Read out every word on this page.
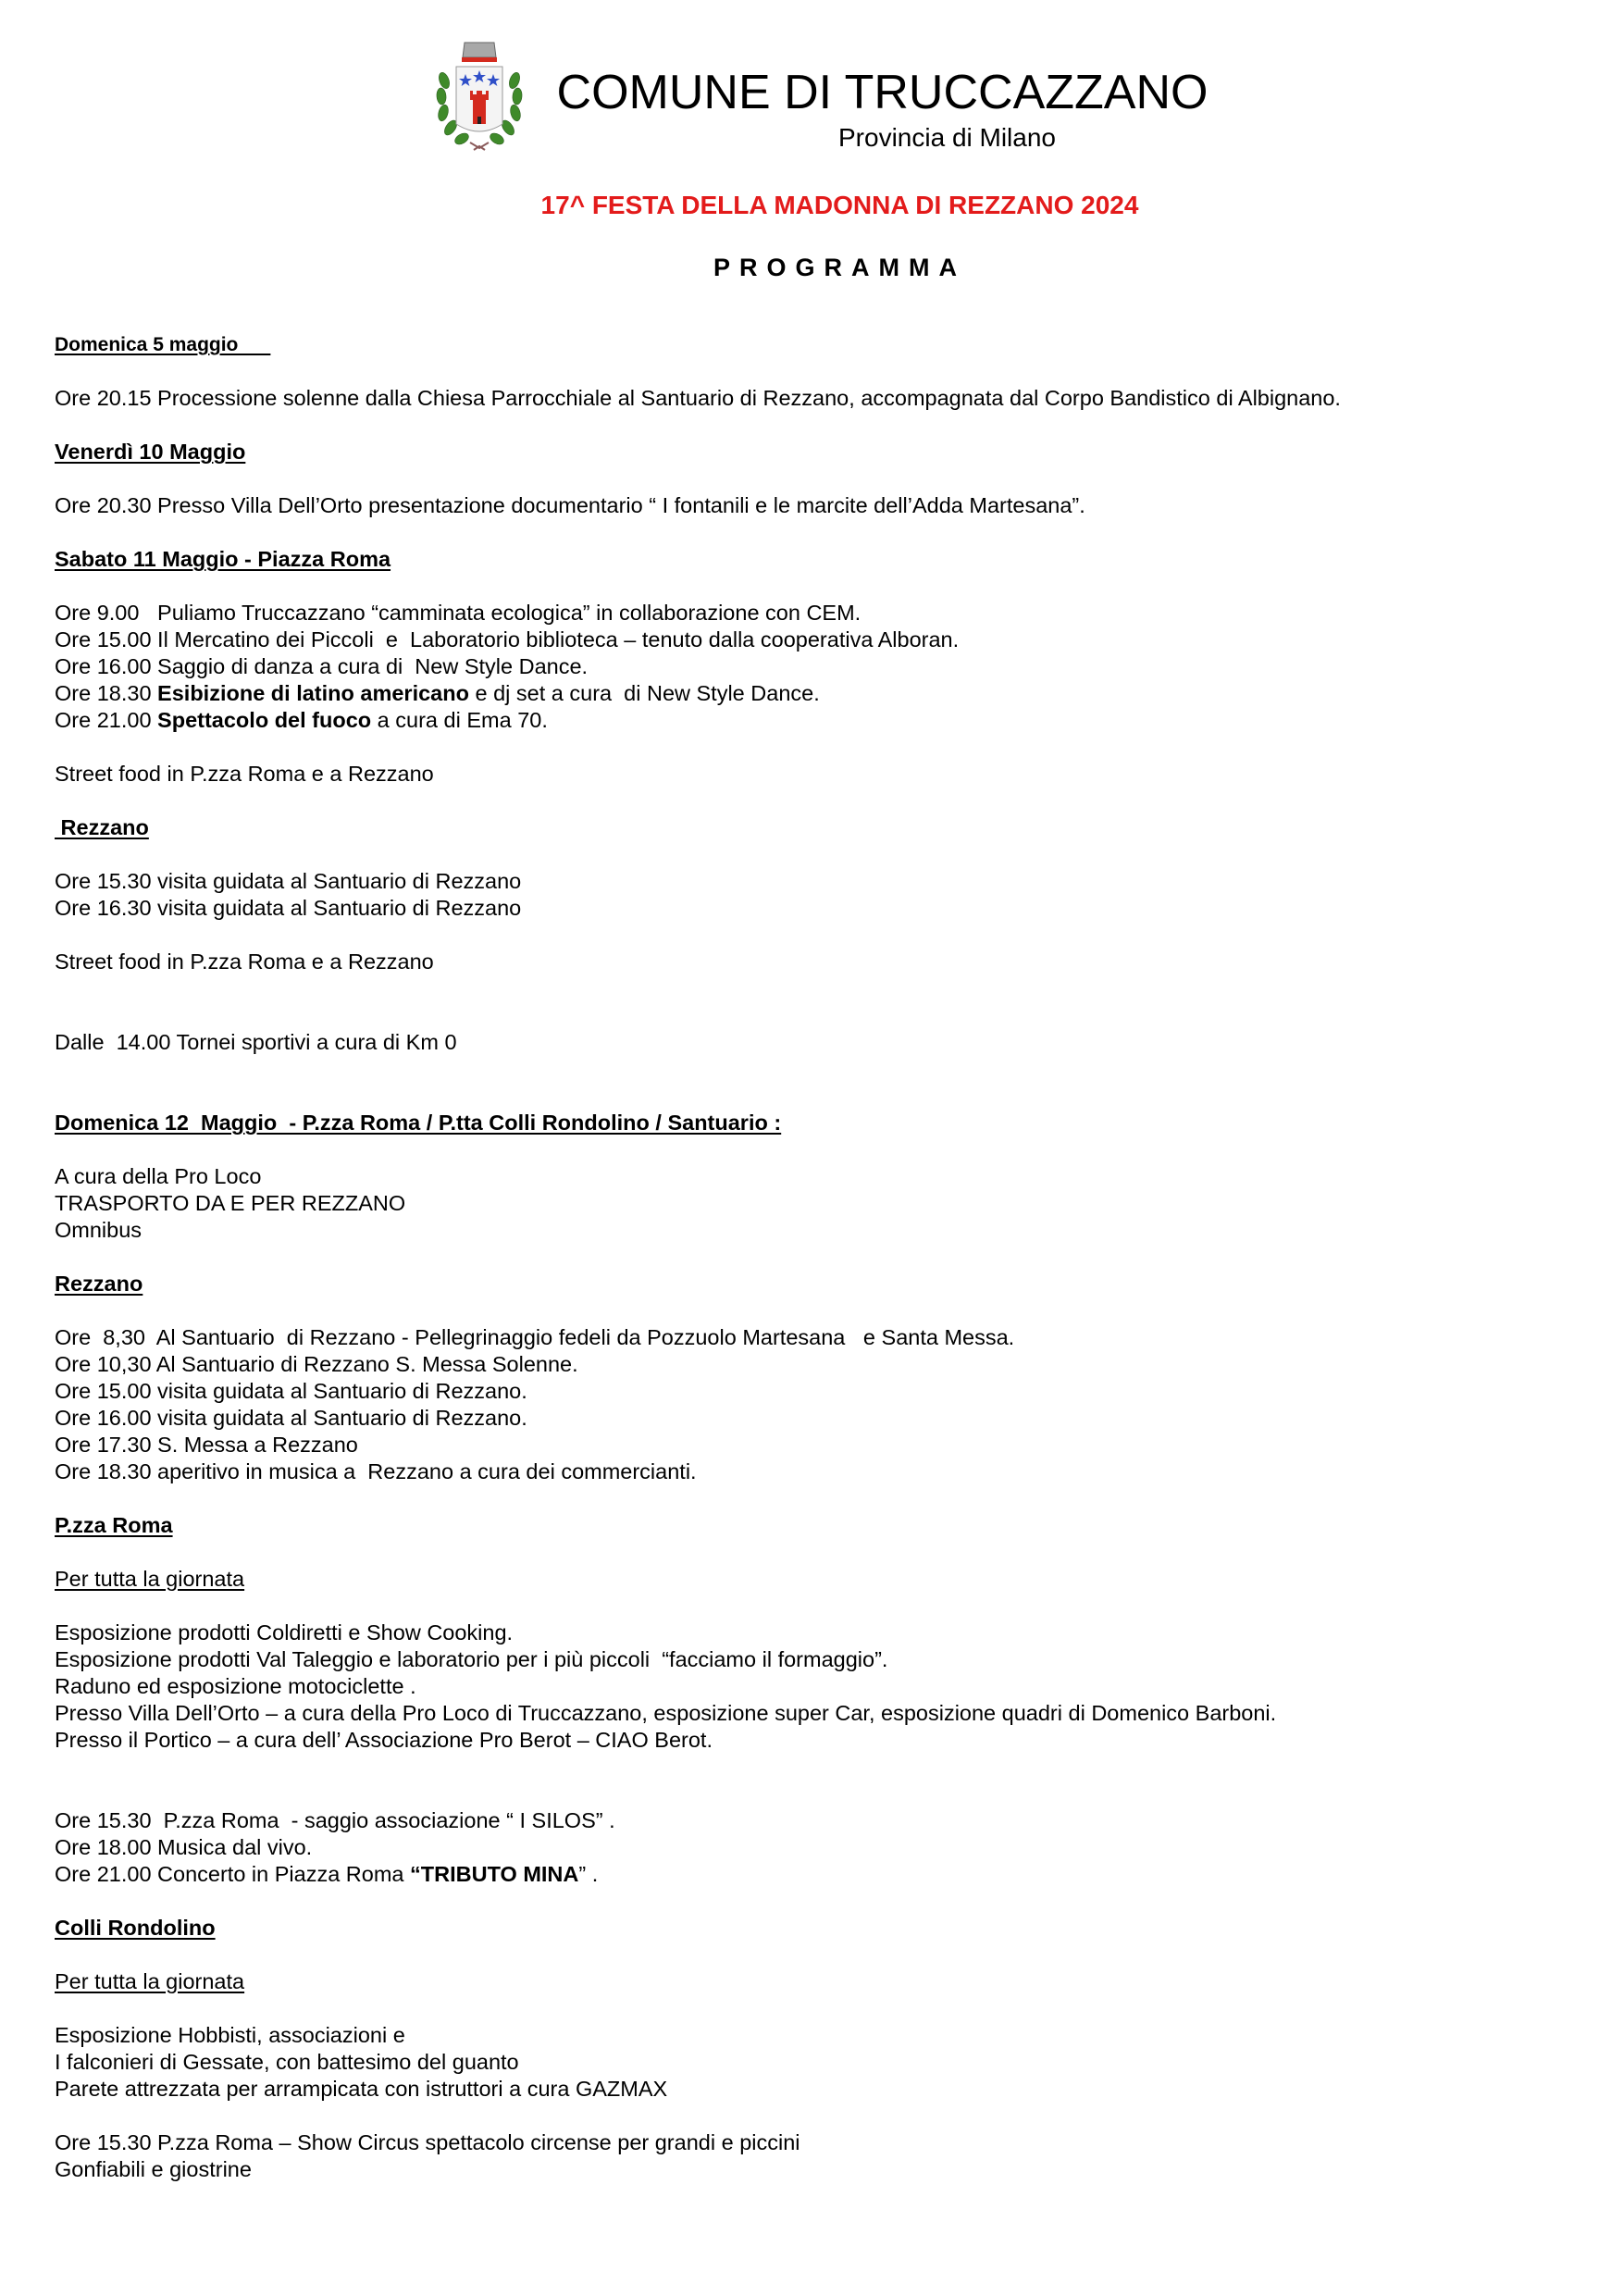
COMUNE DI TRUCCAZZANO
Provincia di Milano
17^ FESTA DELLA MADONNA DI REZZANO 2024
PROGRAMMA
Domenica 5 maggio
Ore 20.15 Processione solenne dalla Chiesa Parrocchiale al Santuario di Rezzano, accompagnata dal Corpo Bandistico di Albignano.
Venerdì 10 Maggio
Ore 20.30 Presso Villa Dell’Orto presentazione documentario “ I fontanili e le marcite dell’Adda Martesana”.
Sabato 11 Maggio - Piazza Roma
Ore 9.00   Puliamo Truccazzano “camminata ecologica” in collaborazione con CEM.
Ore 15.00 Il Mercatino dei Piccoli  e  Laboratorio biblioteca – tenuto dalla cooperativa Alboran.
Ore 16.00 Saggio di danza a cura di  New Style Dance.
Ore 18.30 Esibizione di latino americano e dj set a cura  di New Style Dance.
Ore 21.00 Spettacolo del fuoco a cura di Ema 70.
Street food in P.zza Roma e a Rezzano
Rezzano
Ore 15.30 visita guidata al Santuario di Rezzano
Ore 16.30 visita guidata al Santuario di Rezzano
Street food in P.zza Roma e a Rezzano
Dalle  14.00 Tornei sportivi a cura di Km 0
Domenica 12  Maggio  - P.zza Roma / P.tta Colli Rondolino / Santuario :
A cura della Pro Loco
TRASPORTO DA E PER REZZANO
Omnibus
Rezzano
Ore  8,30  Al Santuario  di Rezzano - Pellegrinaggio fedeli da Pozzuolo Martesana   e Santa Messa.
Ore 10,30 Al Santuario di Rezzano S. Messa Solenne.
Ore 15.00 visita guidata al Santuario di Rezzano.
Ore 16.00 visita guidata al Santuario di Rezzano.
Ore 17.30 S. Messa a Rezzano
Ore 18.30 aperitivo in musica a  Rezzano a cura dei commercianti.
P.zza Roma
Per tutta la giornata
Esposizione prodotti Coldiretti e Show Cooking.
Esposizione prodotti Val Taleggio e laboratorio per i più piccoli  “facciamo il formaggio”.
Raduno ed esposizione motociclette .
Presso Villa Dell’Orto – a cura della Pro Loco di Truccazzano, esposizione super Car, esposizione quadri di Domenico Barboni.
Presso il Portico – a cura dell’ Associazione Pro Berot – CIAO Berot.
Ore 15.30  P.zza Roma  - saggio associazione “ I SILOS” .
Ore 18.00 Musica dal vivo.
Ore 21.00 Concerto in Piazza Roma “TRIBUTO MINA” .
Colli Rondolino
Per tutta la giornata
Esposizione Hobbisti, associazioni e
I falconieri di Gessate, con battesimo del guanto
Parete attrezzata per arrampicata con istruttori a cura GAZMAX
Ore 15.30 P.zza Roma – Show Circus spettacolo circense per grandi e piccini
Gonfiabili e giostrine
